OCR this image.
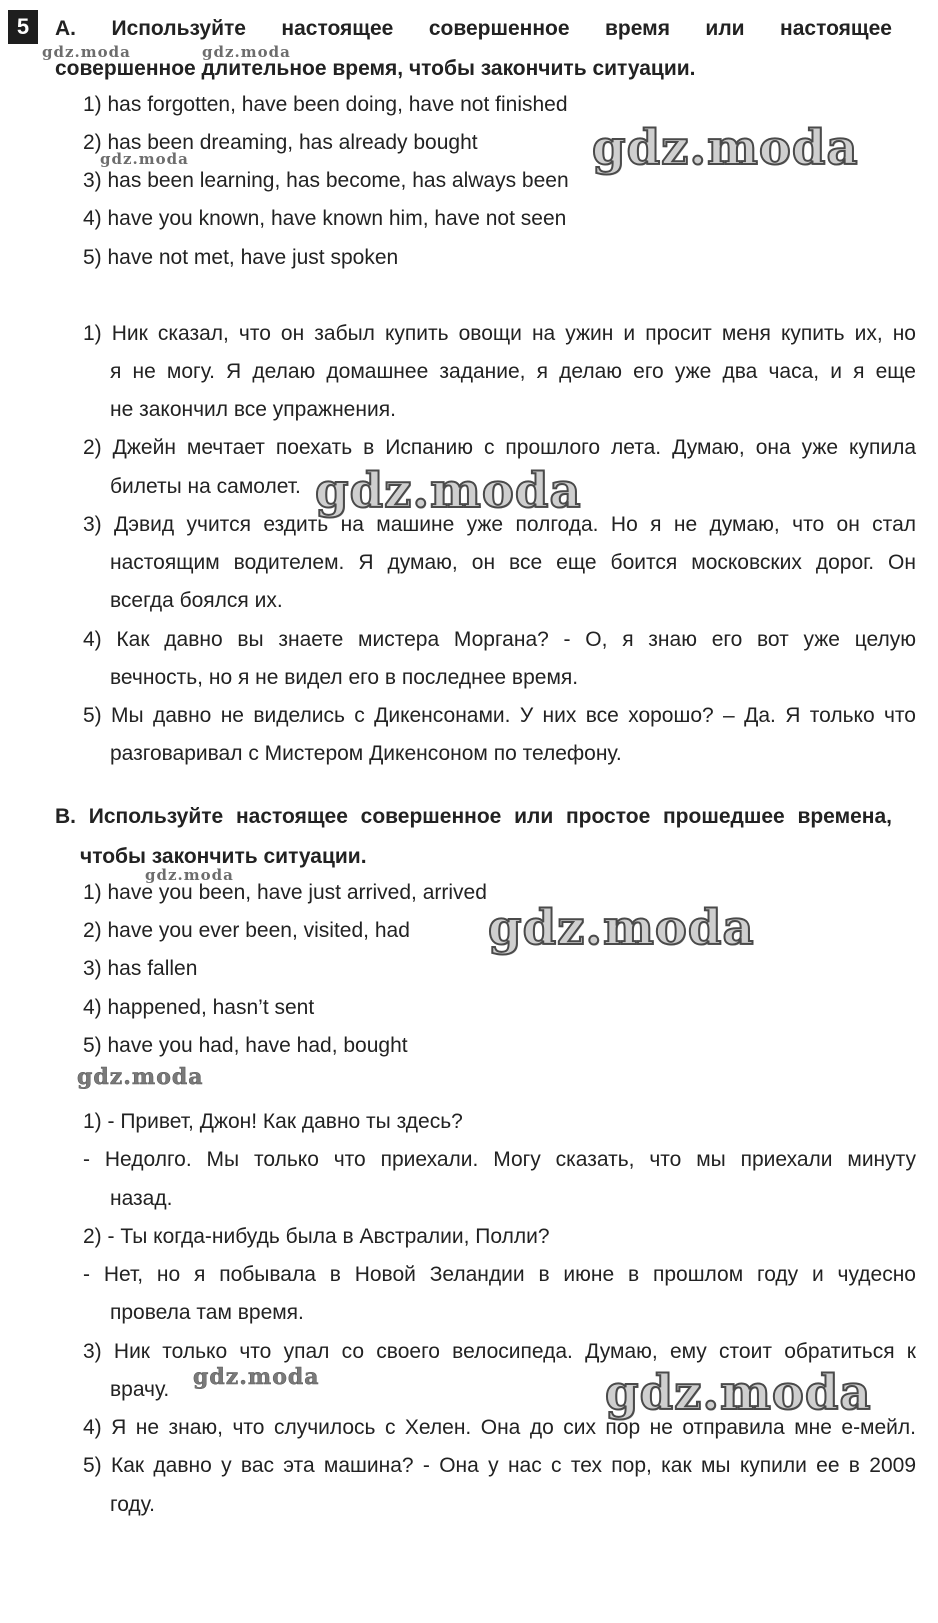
5	А. Используйте настоящее совершенное время или настоящее
совершенное длительное время, чтобы закончить ситуации.
1) has forgotten, have been doing, have not finished
2) has been dreaming, has already bought
3) has been learning, has become, has always been
4) have you known, have known him, have not seen
5) have not met, have just spoken
1) Ник сказал, что он забыл купить овощи на ужин и просит меня купить их, но
я не могу. Я делаю домашнее задание, я делаю его уже два часа, и я еще
не закончил все упражнения.
2) Джейн мечтает поехать в Испанию с прошлого лета. Думаю, она уже купила
билеты на самолет.
3) Дэвид учится ездить на машине уже полгода. Но я не думаю, что он стал
настоящим водителем. Я думаю, он все еще боится московских дорог. Он
всегда боялся их.
4) Как давно вы знаете мистера Моргана? - О, я знаю его вот уже целую
вечность, но я не видел его в последнее время.
5) Мы давно не виделись с Дикенсонами. У них все хорошо? – Да. Я только что
разговаривал с Мистером Дикенсоном по телефону.
B. Используйте настоящее совершенное или простое прошедшее времена,
чтобы закончить ситуации.
1) have you been, have just arrived, arrived
2) have you ever been, visited, had
3) has fallen
4) happened, hasn’t sent
5) have you had, have had, bought
1) - Привет, Джон! Как давно ты здесь?
- Недолго. Мы только что приехали. Могу сказать, что мы приехали минуту
назад.
2) - Ты когда-нибудь была в Австралии, Полли?
- Нет, но я побывала в Новой Зеландии в июне в прошлом году и чудесно
провела там время.
3) Ник только что упал со своего велосипеда. Думаю, ему стоит обратиться к
врачу.
4) Я не знаю, что случилось с Хелен. Она до сих пор не отправила мне е-мейл.
5) Как давно у вас эта машина? - Она у нас с тех пор, как мы купили ее в 2009
году.
gdz.moda	gdz.moda
gdz.moda	gdz.moda
gdz.moda
gdz.moda
gdz.moda
gdz.moda
gdz.moda	gdz.moda
